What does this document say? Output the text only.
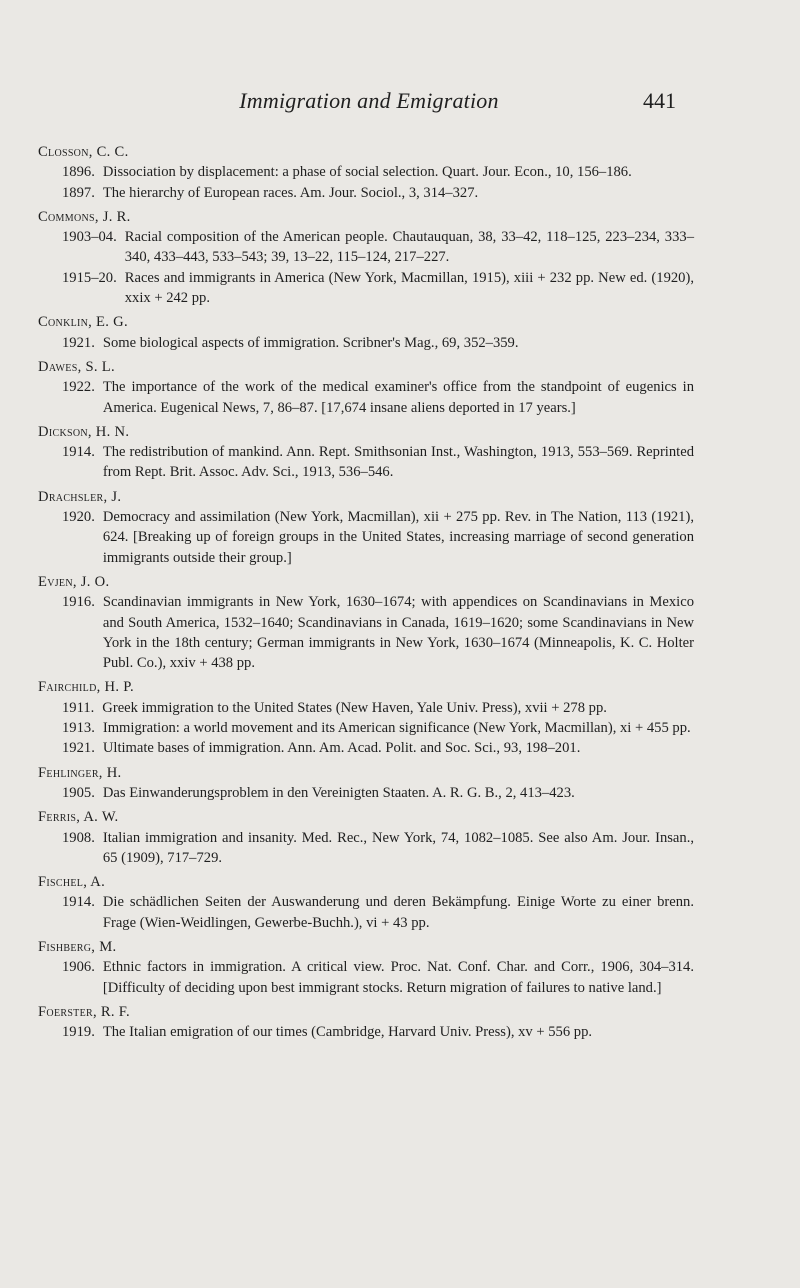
Immigration and Emigration	441
Closson, C. C.
1896. Dissociation by displacement: a phase of social selection. Quart. Jour. Econ., 10, 156–186.
1897. The hierarchy of European races. Am. Jour. Sociol., 3, 314–327.
Commons, J. R.
1903–04. Racial composition of the American people. Chautauquan, 38, 33–42, 118–125, 223–234, 333–340, 433–443, 533–543; 39, 13–22, 115–124, 217–227.
1915–20. Races and immigrants in America (New York, Macmillan, 1915), xiii + 232 pp. New ed. (1920), xxix + 242 pp.
Conklin, E. G.
1921. Some biological aspects of immigration. Scribner's Mag., 69, 352–359.
Dawes, S. L.
1922. The importance of the work of the medical examiner's office from the standpoint of eugenics in America. Eugenical News, 7, 86–87. [17,674 insane aliens deported in 17 years.]
Dickson, H. N.
1914. The redistribution of mankind. Ann. Rept. Smithsonian Inst., Washington, 1913, 553–569. Reprinted from Rept. Brit. Assoc. Adv. Sci., 1913, 536–546.
Drachsler, J.
1920. Democracy and assimilation (New York, Macmillan), xii + 275 pp. Rev. in The Nation, 113 (1921), 624. [Breaking up of foreign groups in the United States, increasing marriage of second generation immigrants outside their group.]
Evjen, J. O.
1916. Scandinavian immigrants in New York, 1630–1674; with appendices on Scandinavians in Mexico and South America, 1532–1640; Scandinavians in Canada, 1619–1620; some Scandinavians in New York in the 18th century; German immigrants in New York, 1630–1674 (Minneapolis, K. C. Holter Publ. Co.), xxiv + 438 pp.
Fairchild, H. P.
1911. Greek immigration to the United States (New Haven, Yale Univ. Press), xvii + 278 pp.
1913. Immigration: a world movement and its American significance (New York, Macmillan), xi + 455 pp.
1921. Ultimate bases of immigration. Ann. Am. Acad. Polit. and Soc. Sci., 93, 198–201.
Fehlinger, H.
1905. Das Einwanderungsproblem in den Vereinigten Staaten. A. R. G. B., 2, 413–423.
Ferris, A. W.
1908. Italian immigration and insanity. Med. Rec., New York, 74, 1082–1085. See also Am. Jour. Insan., 65 (1909), 717–729.
Fischel, A.
1914. Die schädlichen Seiten der Auswanderung und deren Bekämpfung. Einige Worte zu einer brenn. Frage (Wien-Weidlingen, Gewerbe-Buchh.), vi + 43 pp.
Fishberg, M.
1906. Ethnic factors in immigration. A critical view. Proc. Nat. Conf. Char. and Corr., 1906, 304–314. [Difficulty of deciding upon best immigrant stocks. Return migration of failures to native land.]
Foerster, R. F.
1919. The Italian emigration of our times (Cambridge, Harvard Univ. Press), xv + 556 pp.
